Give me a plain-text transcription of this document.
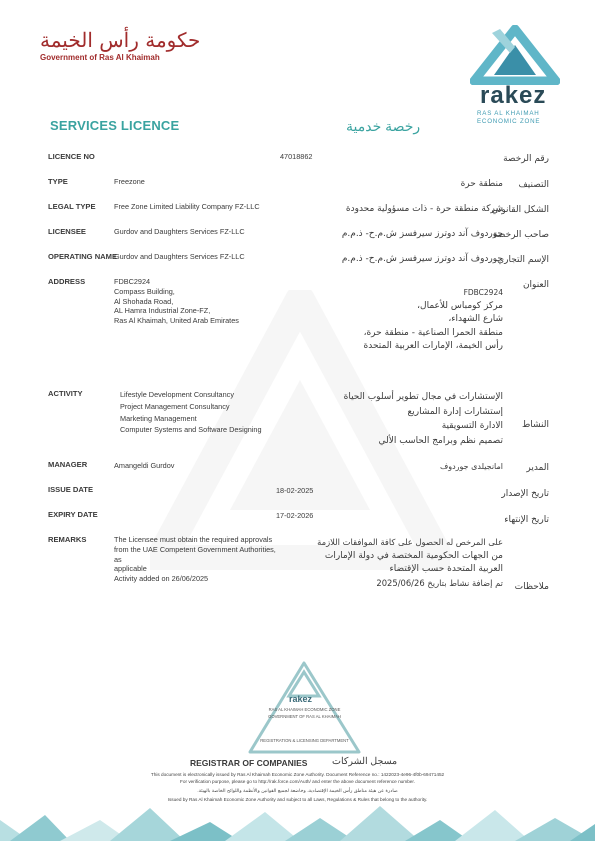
حكومة رأس الخيمة
Government of Ras Al Khaimah
rakez
RAS AL KHAIMAH
ECONOMIC ZONE
SERVICES LICENCE	رخصة خدمية
LICENCE NO	47018862	رقم الرخصة
TYPE	Freezone	منطقة حرة	التصنيف
LEGAL TYPE	Free Zone Limited Liability Company FZ-LLC	شركة منطقة حرة - ذات مسؤولية محدودة
الشكل القانوني
LICENSEE	Gurdov and Daughters Services FZ-LLC	جوردوف آند دوترز سيرفسز ش.م.ح- ذ.م.م
صاحب الرخصة
OPERATING NAME
Gurdov and Daughters Services FZ-LLC	جوردوف آند دوترز سيرفسز ش.م.ح- ذ.م.م
الإسم التجاري
ADDRESS	FDBC2924
Compass Building,
Al Shohada Road,
AL Hamra Industrial Zone-FZ,
Ras Al Khaimah, United Arab Emirates
FDBC2924
مركز كومباس للأعمال،
شارع الشهداء،
منطقة الحمرا الصناعية - منطقة حرة،
رأس الخيمة، الإمارات العربية المتحدة
العنوان
ACTIVITY	Lifestyle Development Consultancy
Project Management Consultancy
Marketing Management
Computer Systems and Software Designing
الإستشارات في مجال تطوير أسلوب الحياة
إستشارات إدارة المشاريع
الادارة التسويقية
تصميم نظم وبرامج الحاسب الألي
النشاط
MANAGER	Amangeldi Gurdov	امانجيلدى جوردوف	المدير
ISSUE DATE	18-02-2025	تاريخ الإصدار
EXPIRY DATE	17-02-2026	تاريخ الإنتهاء
REMARKS	The Licensee must obtain the required approvals
from the UAE Competent Government Authorities, as
applicable
Activity added on 26/06/2025
على المرخص له الحصول على كافة الموافقات اللازمة
من الجهات الحكومية المختصة في دولة الإمارات
العربية المتحدة حسب الإقتضاء
تم إضافة نشاط بتاريخ 2025/06/26	ملاحظات
rakez
RAS AL KHAIMAH ECONOMIC ZONE
GOVERNMENT OF RAS AL KHAIMAH
REGISTRATION & LICENSING DEPARTMENT
REGISTRAR OF COMPANIES	مسجل الشركات
This document is electronically issued by Ras Al Khaimah Economic Zone Authority. Document Reference no.: 1422023-4e96-4f0b-69471452
For verification purpose, please go to http://rak.force.com/Auth/ and enter the above document reference number.
صادرة عن هيئة مناطق رأس الخيمة الإقتصادية، وخاضعة لجميع القوانين والأنظمة واللوائح الخاصة بالهيئة.
Issued by Ras Al Khaimah Economic Zone Authority and subject to all Laws, Regulations & Rules that belong to the authority.
